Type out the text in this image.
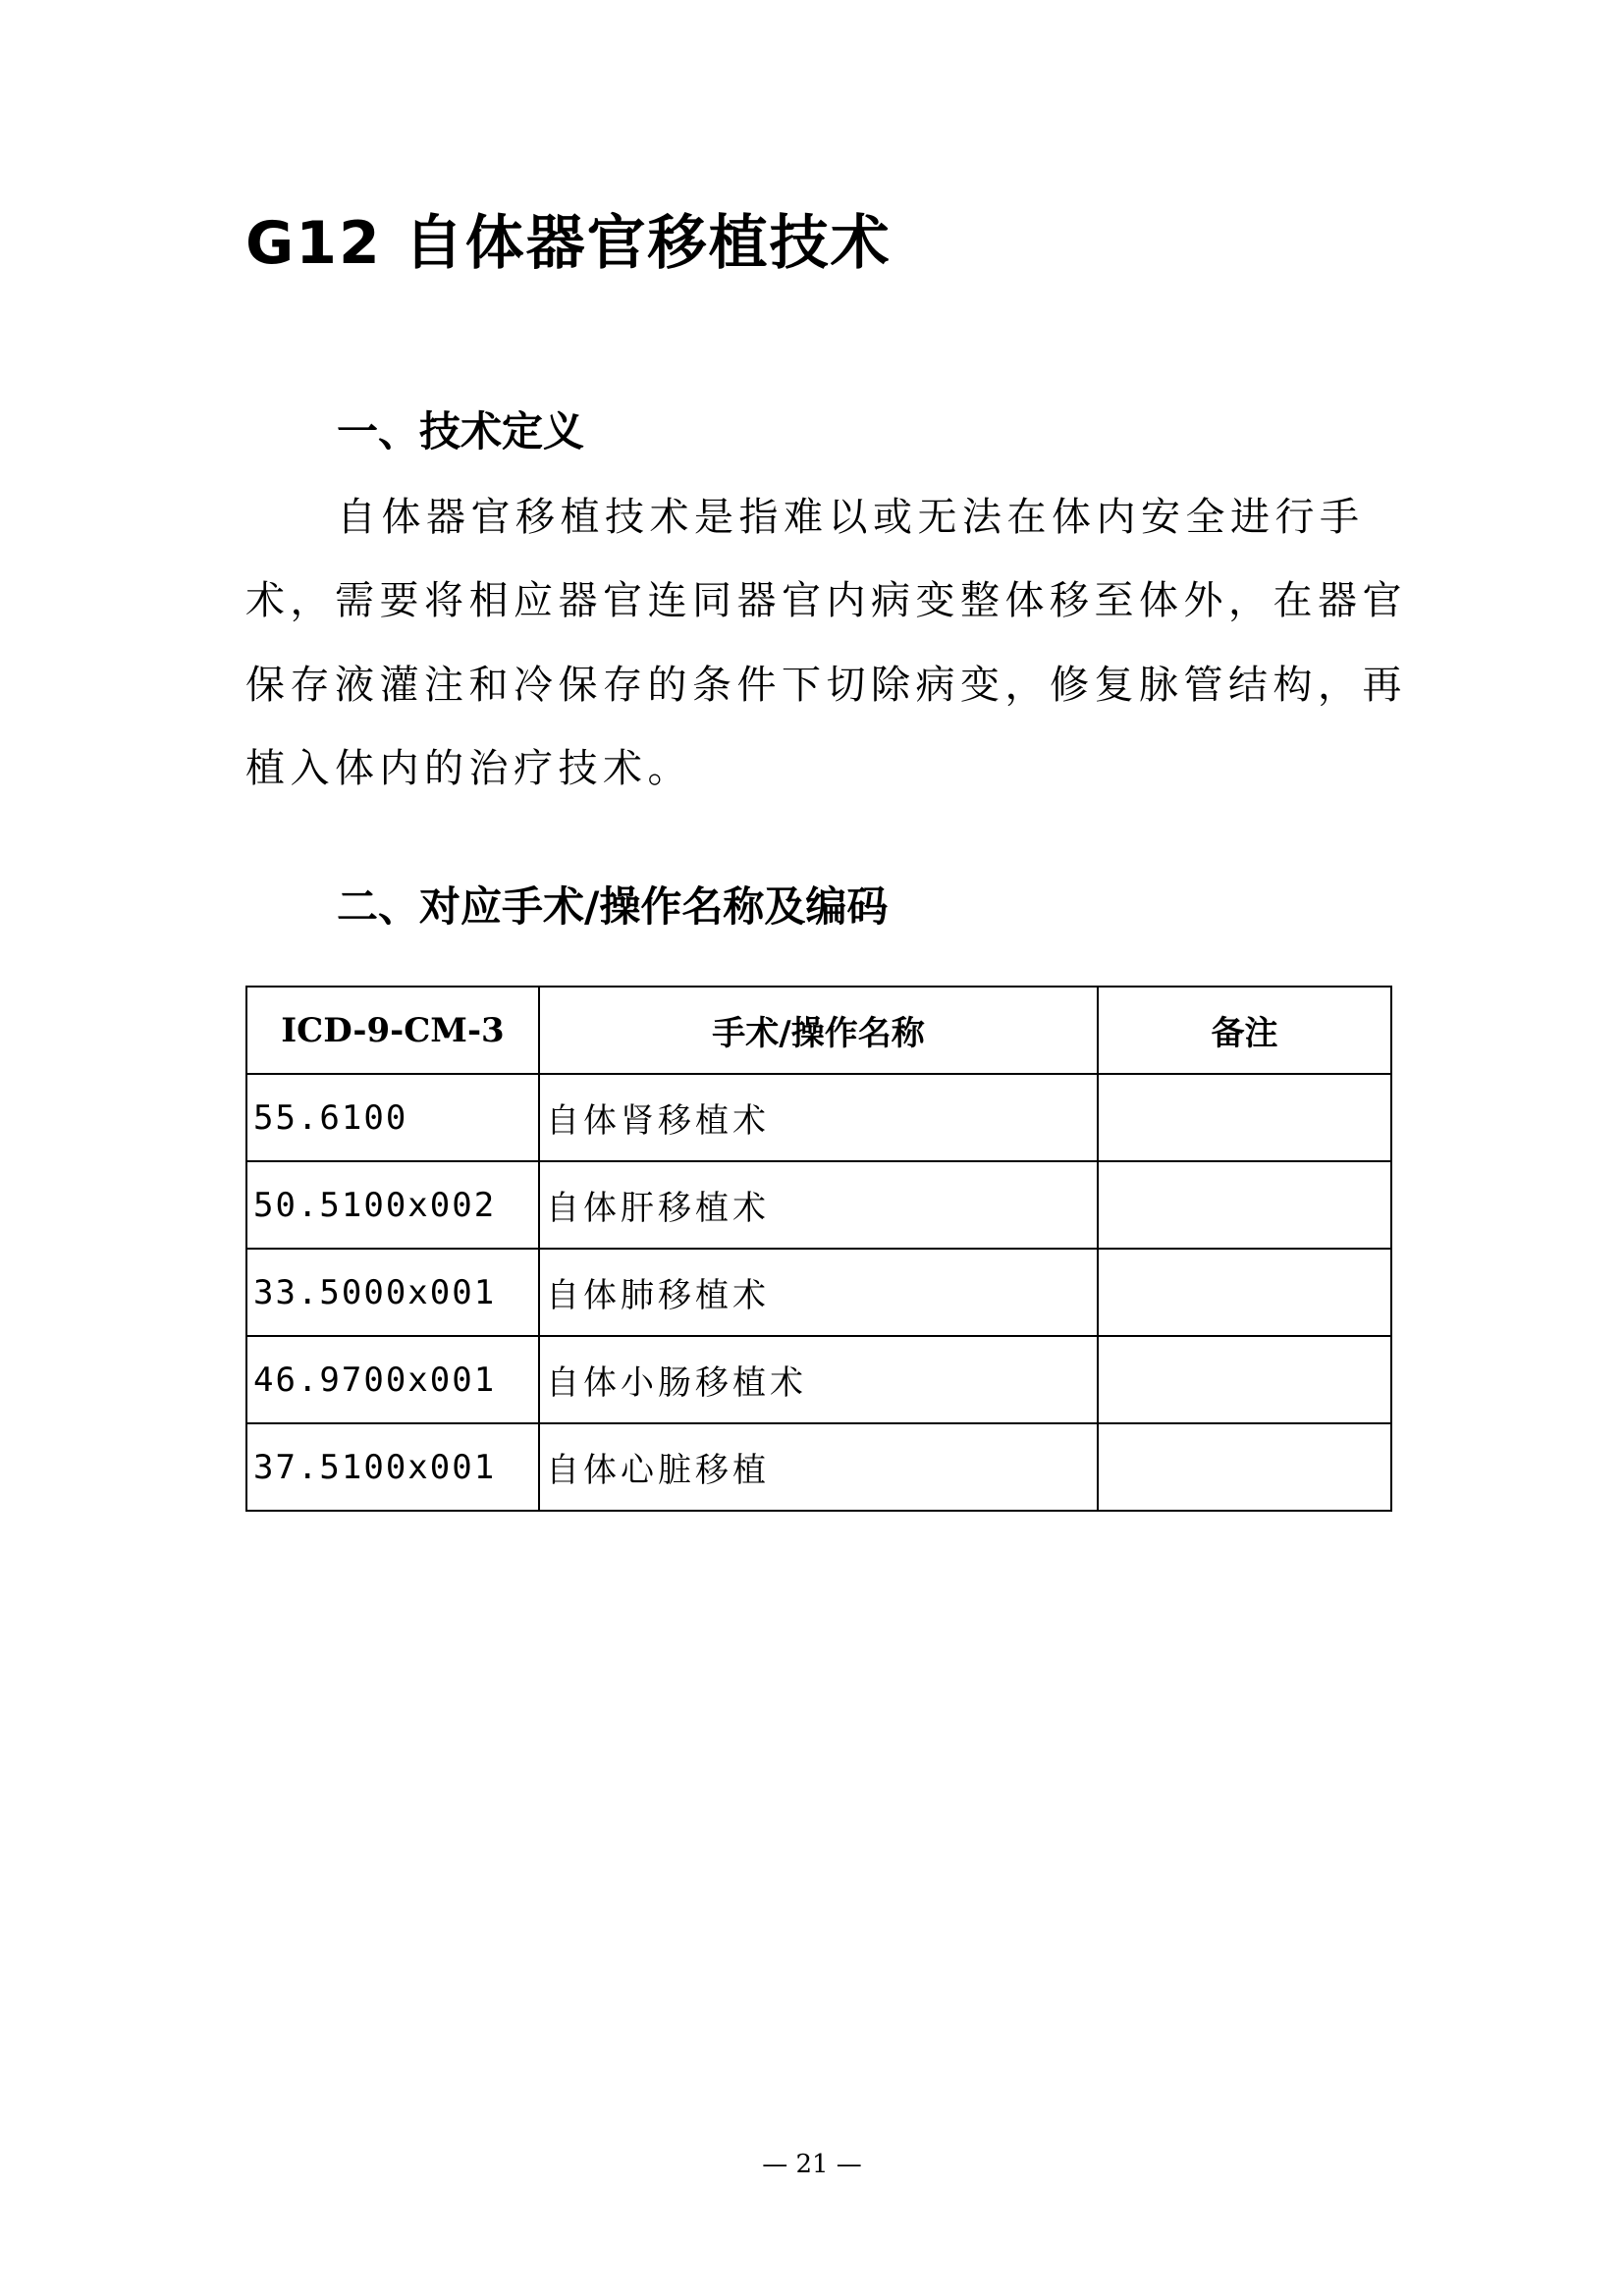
G12 自体器官移植技术
一、技术定义
自体器官移植技术是指难以或无法在体内安全进行手
术，需要将相应器官连同器官内病变整体移至体外，在器官
保存液灌注和冷保存的条件下切除病变，修复脉管结构，再
植入体内的治疗技术。
二、对应手术/操作名称及编码
ICD-9-CM-3	手术/操作名称	备注
55.6100	自体肾移植术	
50.5100x002	自体肝移植术	
33.5000x001	自体肺移植术	
46.9700x001	自体小肠移植术	
37.5100x001	自体心脏移植	
— 21 —
